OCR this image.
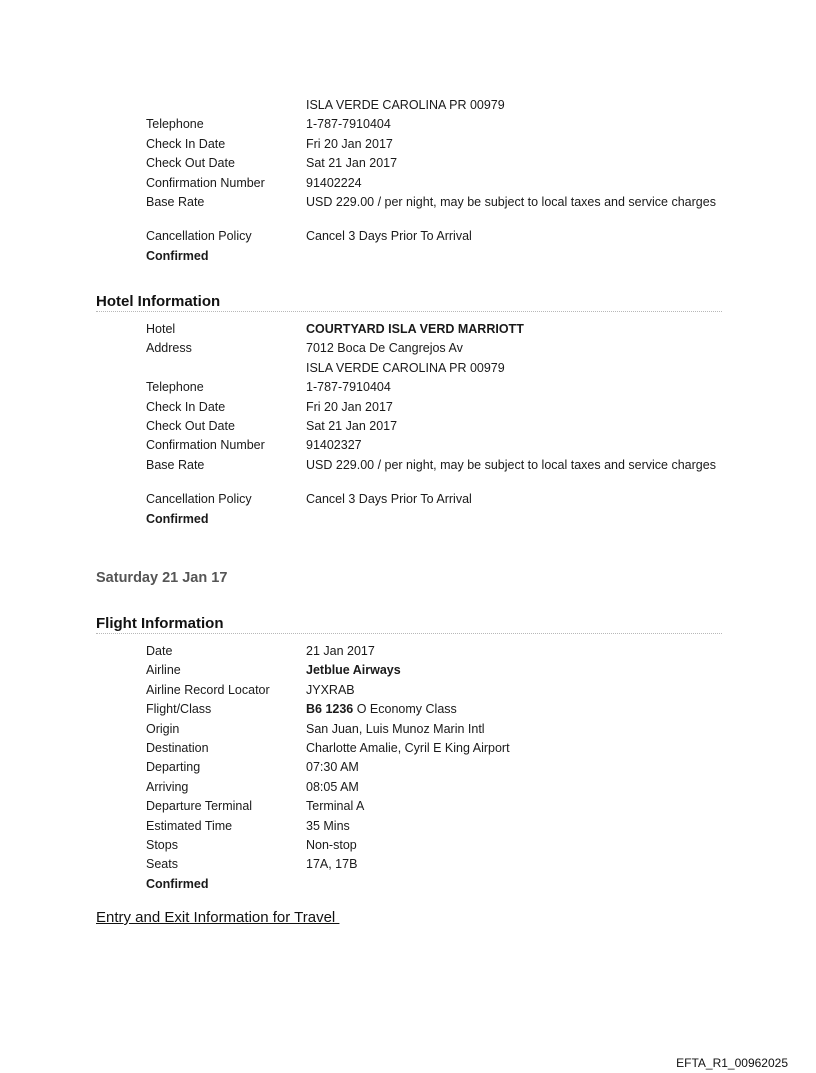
ISLA VERDE CAROLINA PR 00979
Telephone	1-787-7910404
Check In Date	Fri 20 Jan 2017
Check Out Date	Sat 21 Jan 2017
Confirmation Number	91402224
Base Rate	USD 229.00 / per night, may be subject to local taxes and service charges
Cancellation Policy	Cancel 3 Days Prior To Arrival
Confirmed
Hotel Information
Hotel	COURTYARD ISLA VERD MARRIOTT
Address	7012 Boca De Cangrejos Av
ISLA VERDE CAROLINA PR 00979
Telephone	1-787-7910404
Check In Date	Fri 20 Jan 2017
Check Out Date	Sat 21 Jan 2017
Confirmation Number	91402327
Base Rate	USD 229.00 / per night, may be subject to local taxes and service charges
Cancellation Policy	Cancel 3 Days Prior To Arrival
Confirmed
Saturday 21 Jan 17
Flight Information
Date	21 Jan 2017
Airline	Jetblue Airways
Airline Record Locator	JYXRAB
Flight/Class	B6 1236 O Economy Class
Origin	San Juan, Luis Munoz Marin Intl
Destination	Charlotte Amalie, Cyril E King Airport
Departing	07:30 AM
Arriving	08:05 AM
Departure Terminal	Terminal A
Estimated Time	35 Mins
Stops	Non-stop
Seats	17A, 17B
Confirmed
Entry and Exit Information for Travel
EFTA_R1_00962025
